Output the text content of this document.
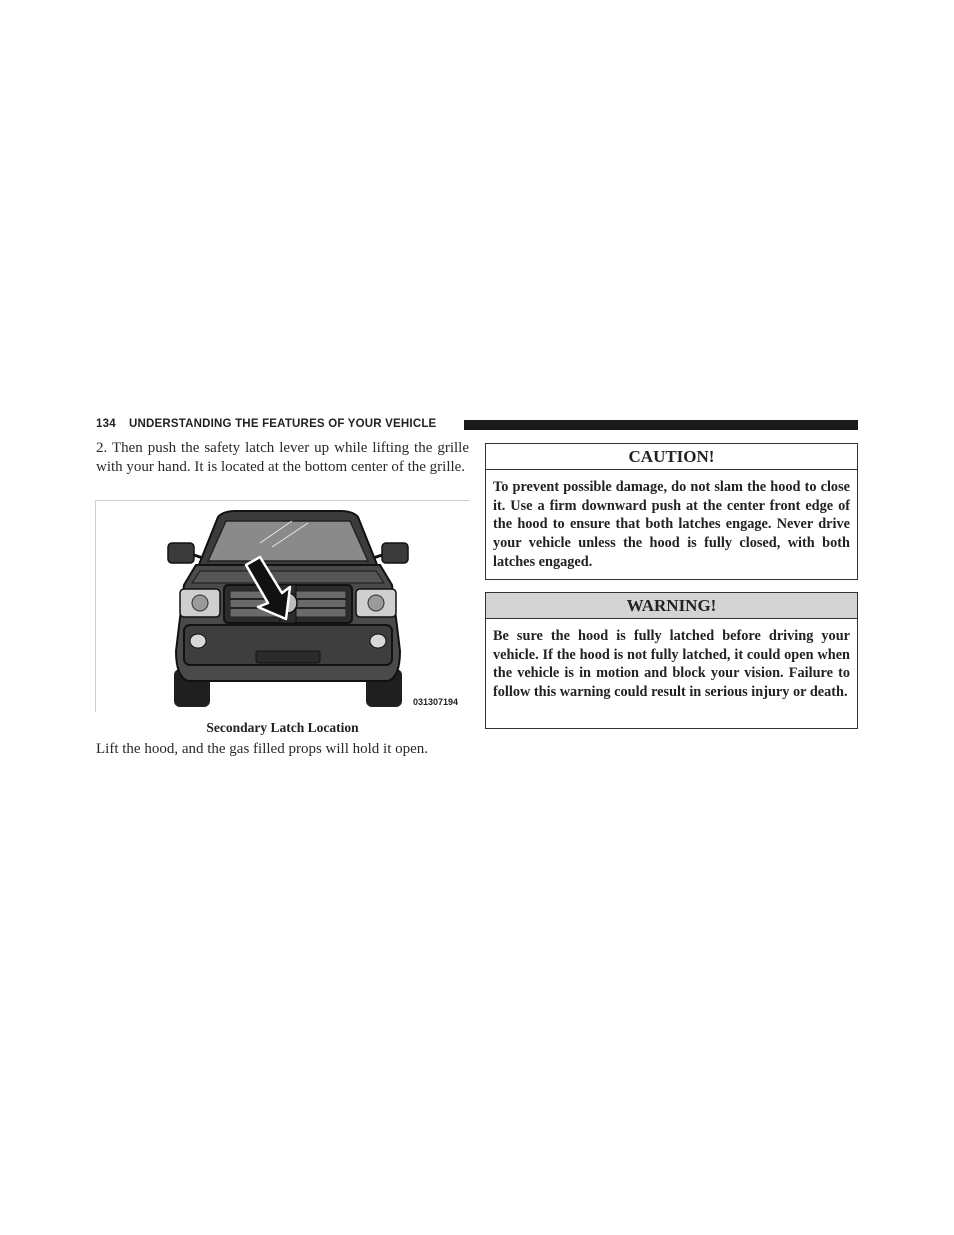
134 UNDERSTANDING THE FEATURES OF YOUR VEHICLE

2. Then push the safety latch lever up while lifting the grille with your hand. It is located at the bottom center of the grille.

031307194
Secondary Latch Location

Lift the hood, and the gas filled props will hold it open.

CAUTION!
To prevent possible damage, do not slam the hood to close it. Use a firm downward push at the center front edge of the hood to ensure that both latches engage. Never drive your vehicle unless the hood is fully closed, with both latches engaged.
WARNING!
Be sure the hood is fully latched before driving your vehicle. If the hood is not fully latched, it could open when the vehicle is in motion and block your vision. Failure to follow this warning could result in serious injury or death.
